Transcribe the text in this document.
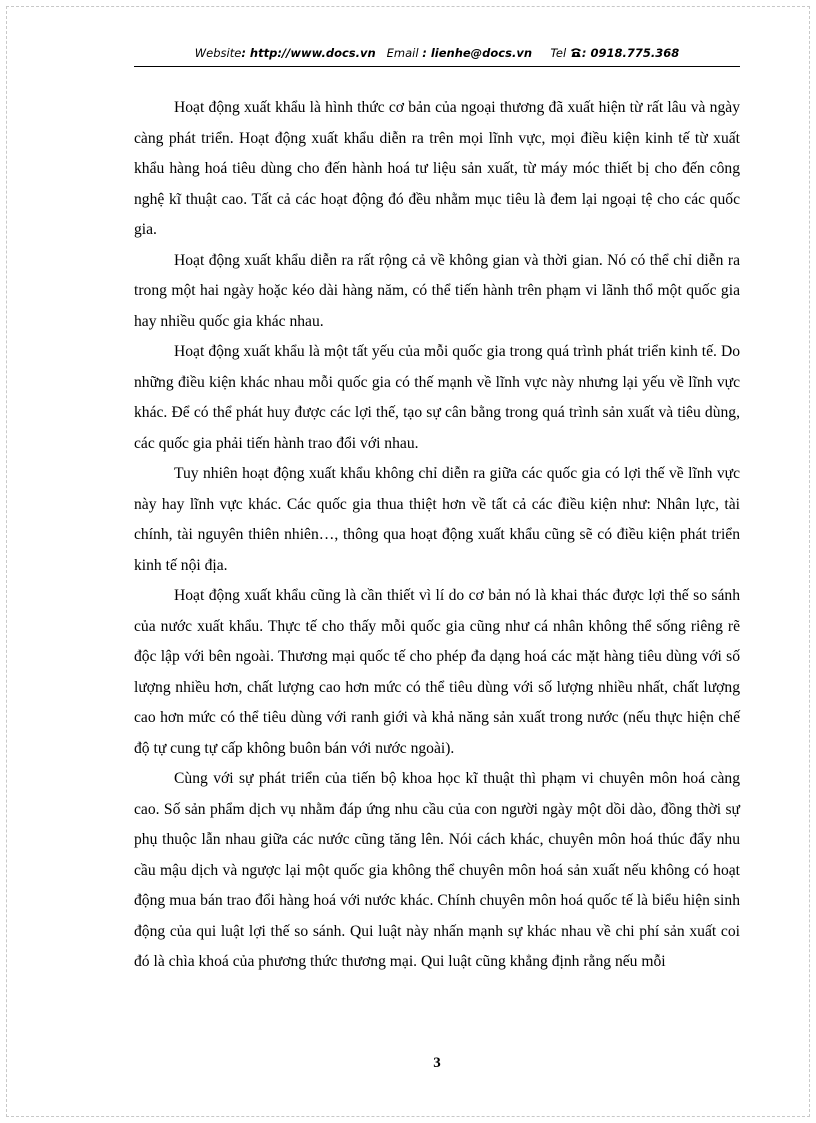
Website: http://www.docs.vn Email : lienhe@docs.vn Tel : 0918.775.368

Hoạt động xuất khẩu là hình thức cơ bản của ngoại thương đã xuất hiện từ rất lâu và ngày càng phát triển. Hoạt động xuất khẩu diễn ra trên mọi lĩnh vực, mọi điều kiện kinh tế từ xuất khẩu hàng hoá tiêu dùng cho đến hành hoá tư liệu sản xuất, từ máy móc thiết bị cho đến công nghệ kĩ thuật cao. Tất cả các hoạt động đó đều nhằm mục tiêu là đem lại ngoại tệ cho các quốc gia.

Hoạt động xuất khẩu diễn ra rất rộng cả về không gian và thời gian. Nó có thể chỉ diễn ra trong một hai ngày hoặc kéo dài hàng năm, có thể tiến hành trên phạm vi lãnh thổ một quốc gia hay nhiều quốc gia khác nhau.

Hoạt động xuất khẩu là một tất yếu của mỗi quốc gia trong quá trình phát triển kinh tế. Do những điều kiện khác nhau mỗi quốc gia có thế mạnh về lĩnh vực này nhưng lại yếu về lĩnh vực khác. Để có thể phát huy được các lợi thế, tạo sự cân bằng trong quá trình sản xuất và tiêu dùng, các quốc gia phải tiến hành trao đổi với nhau.

Tuy nhiên hoạt động xuất khẩu không chỉ diễn ra giữa các quốc gia có lợi thế về lĩnh vực này hay lĩnh vực khác. Các quốc gia thua thiệt hơn về tất cả các điều kiện như: Nhân lực, tài chính, tài nguyên thiên nhiên…, thông qua hoạt động xuất khẩu cũng sẽ có điều kiện phát triển kinh tế nội địa.

Hoạt động xuất khẩu cũng là cần thiết vì lí do cơ bản nó là khai thác được lợi thế so sánh của nước xuất khẩu. Thực tế cho thấy mỗi quốc gia cũng như cá nhân không thể sống riêng rẽ độc lập với bên ngoài. Thương mại quốc tế cho phép đa dạng hoá các mặt hàng tiêu dùng với số lượng nhiều hơn, chất lượng cao hơn mức có thể tiêu dùng với số lượng nhiều nhất, chất lượng cao hơn mức có thể tiêu dùng với ranh giới và khả năng sản xuất trong nước (nếu thực hiện chế độ tự cung tự cấp không buôn bán với nước ngoài).

Cùng với sự phát triển của tiến bộ khoa học kĩ thuật thì phạm vi chuyên môn hoá càng cao. Số sản phẩm dịch vụ nhằm đáp ứng nhu cầu của con người ngày một dồi dào, đồng thời sự phụ thuộc lẫn nhau giữa các nước cũng tăng lên. Nói cách khác, chuyên môn hoá thúc đẩy nhu cầu mậu dịch và ngược lại một quốc gia không thể chuyên môn hoá sản xuất nếu không có hoạt động mua bán trao đổi hàng hoá với nước khác. Chính chuyên môn hoá quốc tế là biểu hiện sinh động của qui luật lợi thế so sánh. Qui luật này nhấn mạnh sự khác nhau về chi phí sản xuất coi đó là chìa khoá của phương thức thương mại. Qui luật cũng khẳng định rằng nếu mỗi

3
